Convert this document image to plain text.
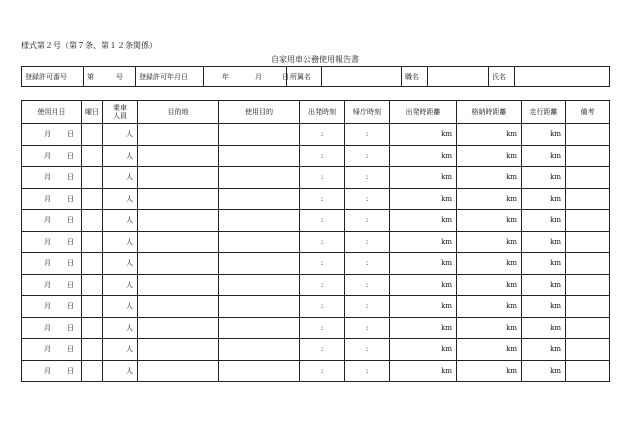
様式第２号（第７条、第１２条関係）
自家用車公務使用報告書
登録許可番号	第	号	登録許可年月日	年	月	日	所属名		職名		氏名	
使用月日	曜日	乗車
人員	目的地	使用目的	出発時刻	帰庁時刻	出発時距離	格納時距離	走行距離	備考
月 日		人			:	:	km	km	km	
月 日		人			:	:	km	km	km	
月 日		人			:	:	km	km	km	
月 日		人			:	:	km	km	km	
月 日		人			:	:	km	km	km	
月 日		人			:	:	km	km	km	
月 日		人			:	:	km	km	km	
月 日		人			:	:	km	km	km	
月 日		人			:	:	km	km	km	
月 日		人			:	:	km	km	km	
月 日		人			:	:	km	km	km	
月 日		人			:	:	km	km	km	
